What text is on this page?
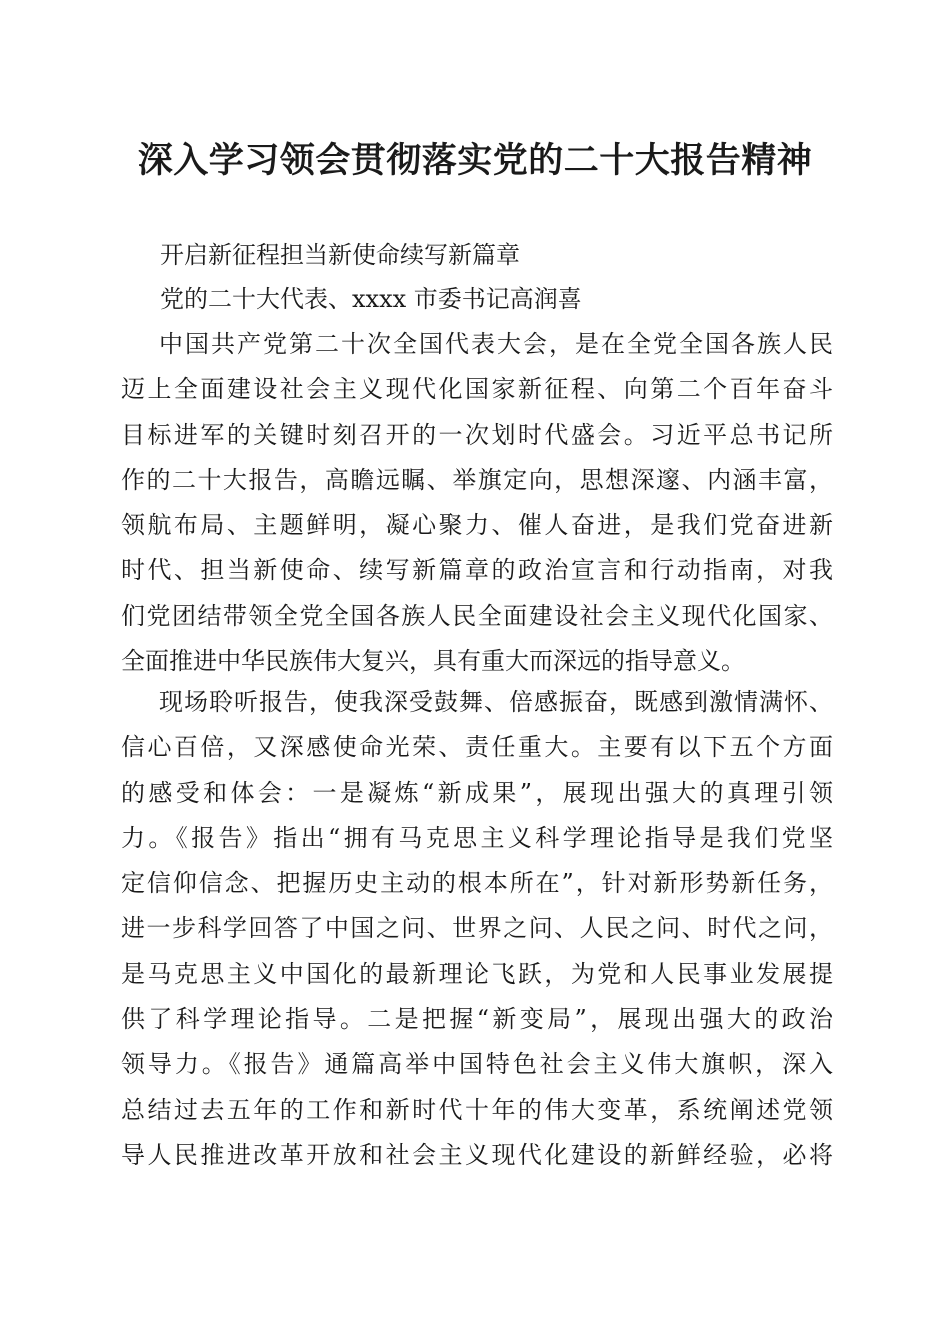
深入学习领会贯彻落实党的二十大报告精神

开启新征程担当新使命续写新篇章

党的二十大代表、xxxx 市委书记高润喜

中国共产党第二十次全国代表大会，是在全党全国各族人民
迈上全面建设社会主义现代化国家新征程、向第二个百年奋斗
目标进军的关键时刻召开的一次划时代盛会。习近平总书记所
作的二十大报告，高瞻远瞩、举旗定向，思想深邃、内涵丰富，
领航布局、主题鲜明，凝心聚力、催人奋进，是我们党奋进新
时代、担当新使命、续写新篇章的政治宣言和行动指南，对我
们党团结带领全党全国各族人民全面建设社会主义现代化国家、
全面推进中华民族伟大复兴，具有重大而深远的指导意义。
现场聆听报告，使我深受鼓舞、倍感振奋，既感到激情满怀、
信心百倍，又深感使命光荣、责任重大。主要有以下五个方面
的感受和体会：一是凝炼“新成果”，展现出强大的真理引领
力。《报告》指出“拥有马克思主义科学理论指导是我们党坚
定信仰信念、把握历史主动的根本所在”，针对新形势新任务，
进一步科学回答了中国之问、世界之问、人民之问、时代之问，
是马克思主义中国化的最新理论飞跃，为党和人民事业发展提
供了科学理论指导。二是把握“新变局”，展现出强大的政治
领导力。《报告》通篇高举中国特色社会主义伟大旗帜，深入
总结过去五年的工作和新时代十年的伟大变革，系统阐述党领
导人民推进改革开放和社会主义现代化建设的新鲜经验，必将
